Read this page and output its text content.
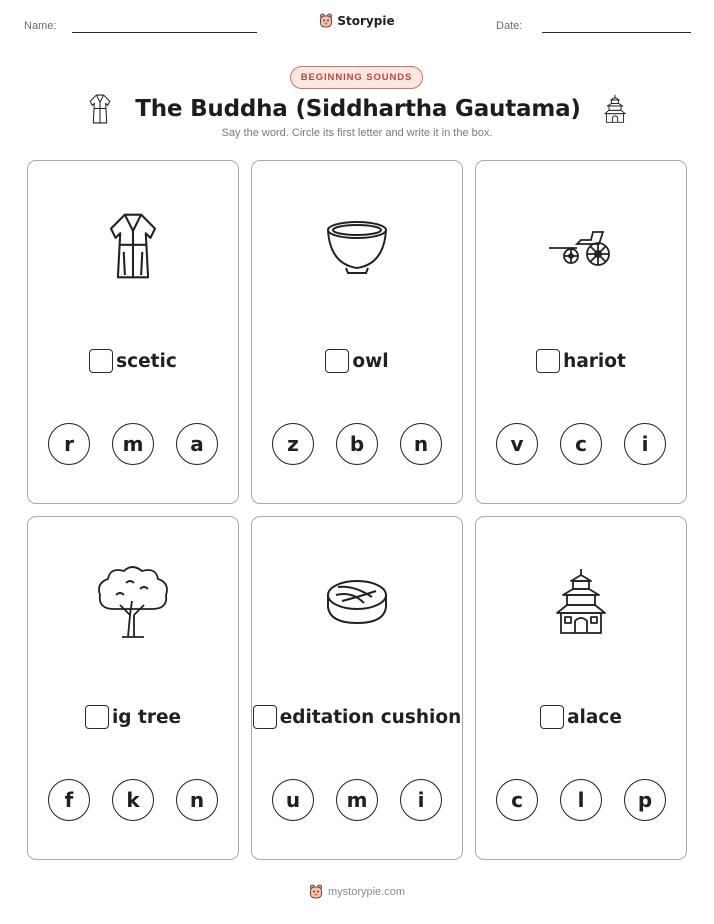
Name:	Date:
Storypie
BEGINNING SOUNDS
The Buddha (Siddhartha Gautama)
Say the word. Circle its first letter and write it in the box.
scetic
r	m	a
owl
z	b	n
hariot
v	c	i
ig tree
f	k	n
editation cushion
u	m	i
alace
c	l	p
mystorypie.com
